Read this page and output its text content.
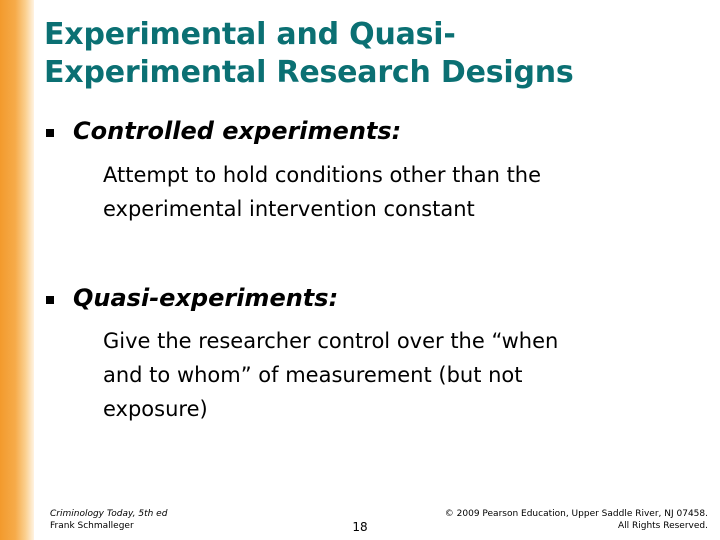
Experimental and Quasi-
Experimental Research Designs
Controlled experiments:
Attempt to hold conditions other than the
experimental intervention constant
Quasi-experiments:
Give the researcher control over the “when
and to whom” of measurement (but not
exposure)
Criminology Today, 5th ed
Frank Schmalleger	18
© 2009 Pearson Education, Upper Saddle River, NJ 07458.
All Rights Reserved.
